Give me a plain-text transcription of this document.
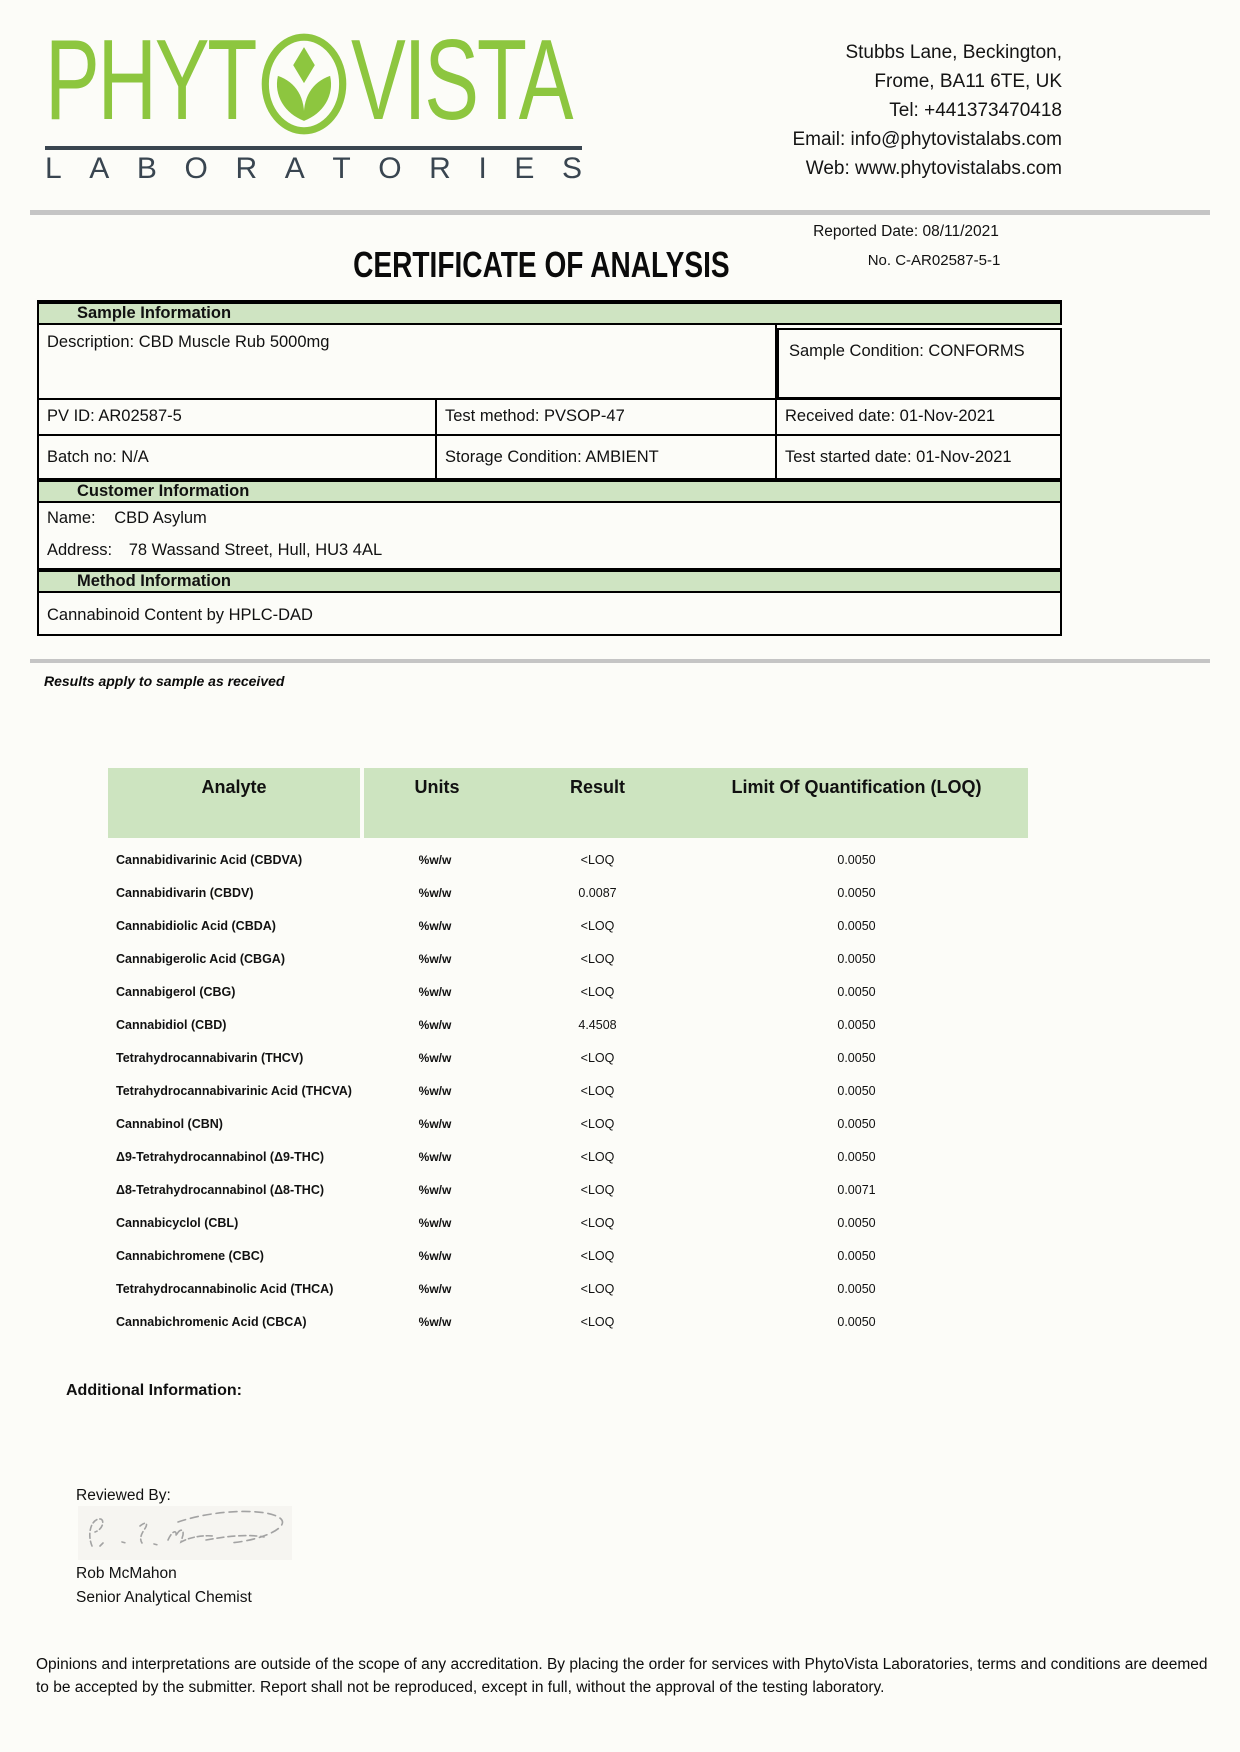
PHYT VISTA
L A B O R A T O R I E S
Stubbs Lane, Beckington,
Frome, BA11 6TE, UK
Tel: +441373470418
Email: info@phytovistalabs.com
Web: www.phytovistalabs.com
CERTIFICATE OF ANALYSIS
Reported Date: 08/11/2021
No. C-AR02587-5-1
Sample Information
Description: CBD Muscle Rub 5000mg	Sample Condition: CONFORMS
PV ID: AR02587-5	Test method: PVSOP-47	Received date: 01-Nov-2021
Batch no: N/A	Storage Condition: AMBIENT	Test started date: 01-Nov-2021
Customer Information
Name: CBD Asylum
Address: 78 Wassand Street, Hull, HU3 4AL
Method Information
Cannabinoid Content by HPLC-DAD
Results apply to sample as received
Analyte	Units	Result	Limit Of Quantification (LOQ)
Cannabidivarinic Acid (CBDVA)	%w/w	<LOQ	0.0050
Cannabidivarin (CBDV)	%w/w	0.0087	0.0050
Cannabidiolic Acid (CBDA)	%w/w	<LOQ	0.0050
Cannabigerolic Acid (CBGA)	%w/w	<LOQ	0.0050
Cannabigerol (CBG)	%w/w	<LOQ	0.0050
Cannabidiol (CBD)	%w/w	4.4508	0.0050
Tetrahydrocannabivarin (THCV)	%w/w	<LOQ	0.0050
Tetrahydrocannabivarinic Acid (THCVA)	%w/w	<LOQ	0.0050
Cannabinol (CBN)	%w/w	<LOQ	0.0050
Δ9-Tetrahydrocannabinol (Δ9-THC)	%w/w	<LOQ	0.0050
Δ8-Tetrahydrocannabinol (Δ8-THC)	%w/w	<LOQ	0.0071
Cannabicyclol (CBL)	%w/w	<LOQ	0.0050
Cannabichromene (CBC)	%w/w	<LOQ	0.0050
Tetrahydrocannabinolic Acid (THCA)	%w/w	<LOQ	0.0050
Cannabichromenic Acid (CBCA)	%w/w	<LOQ	0.0050
Additional Information:
Reviewed By:
Rob McMahon
Senior Analytical Chemist
Opinions and interpretations are outside of the scope of any accreditation. By placing the order for services with PhytoVista Laboratories, terms and conditions are deemed to be accepted by the submitter. Report shall not be reproduced, except in full, without the approval of the testing laboratory.
